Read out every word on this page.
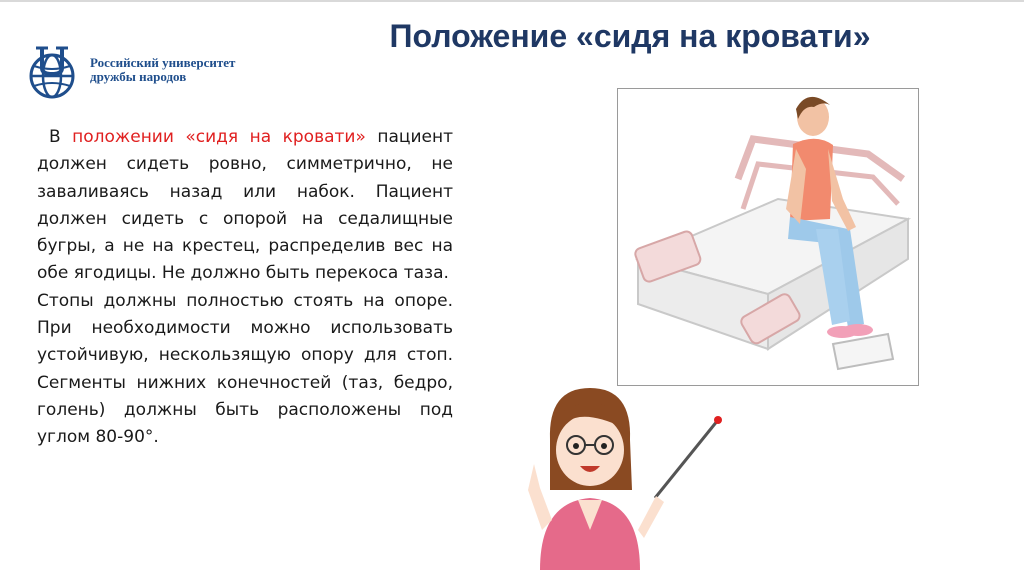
Российский университет
дружбы народов
Положение «сидя на кровати»

В положении «сидя на кровати» пациент должен сидеть ровно, симметрично, не заваливаясь назад или набок. Пациент должен сидеть с опорой на седалищные бугры, а не на крестец, распределив вес на обе ягодицы. Не должно быть перекоса таза.

Стопы должны полностью стоять на опоре. При необходимости можно использовать устойчивую, нескользящую опору для стоп. Сегменты нижних конечностей (таз, бедро, голень) должны быть расположены под углом 80-90°.
